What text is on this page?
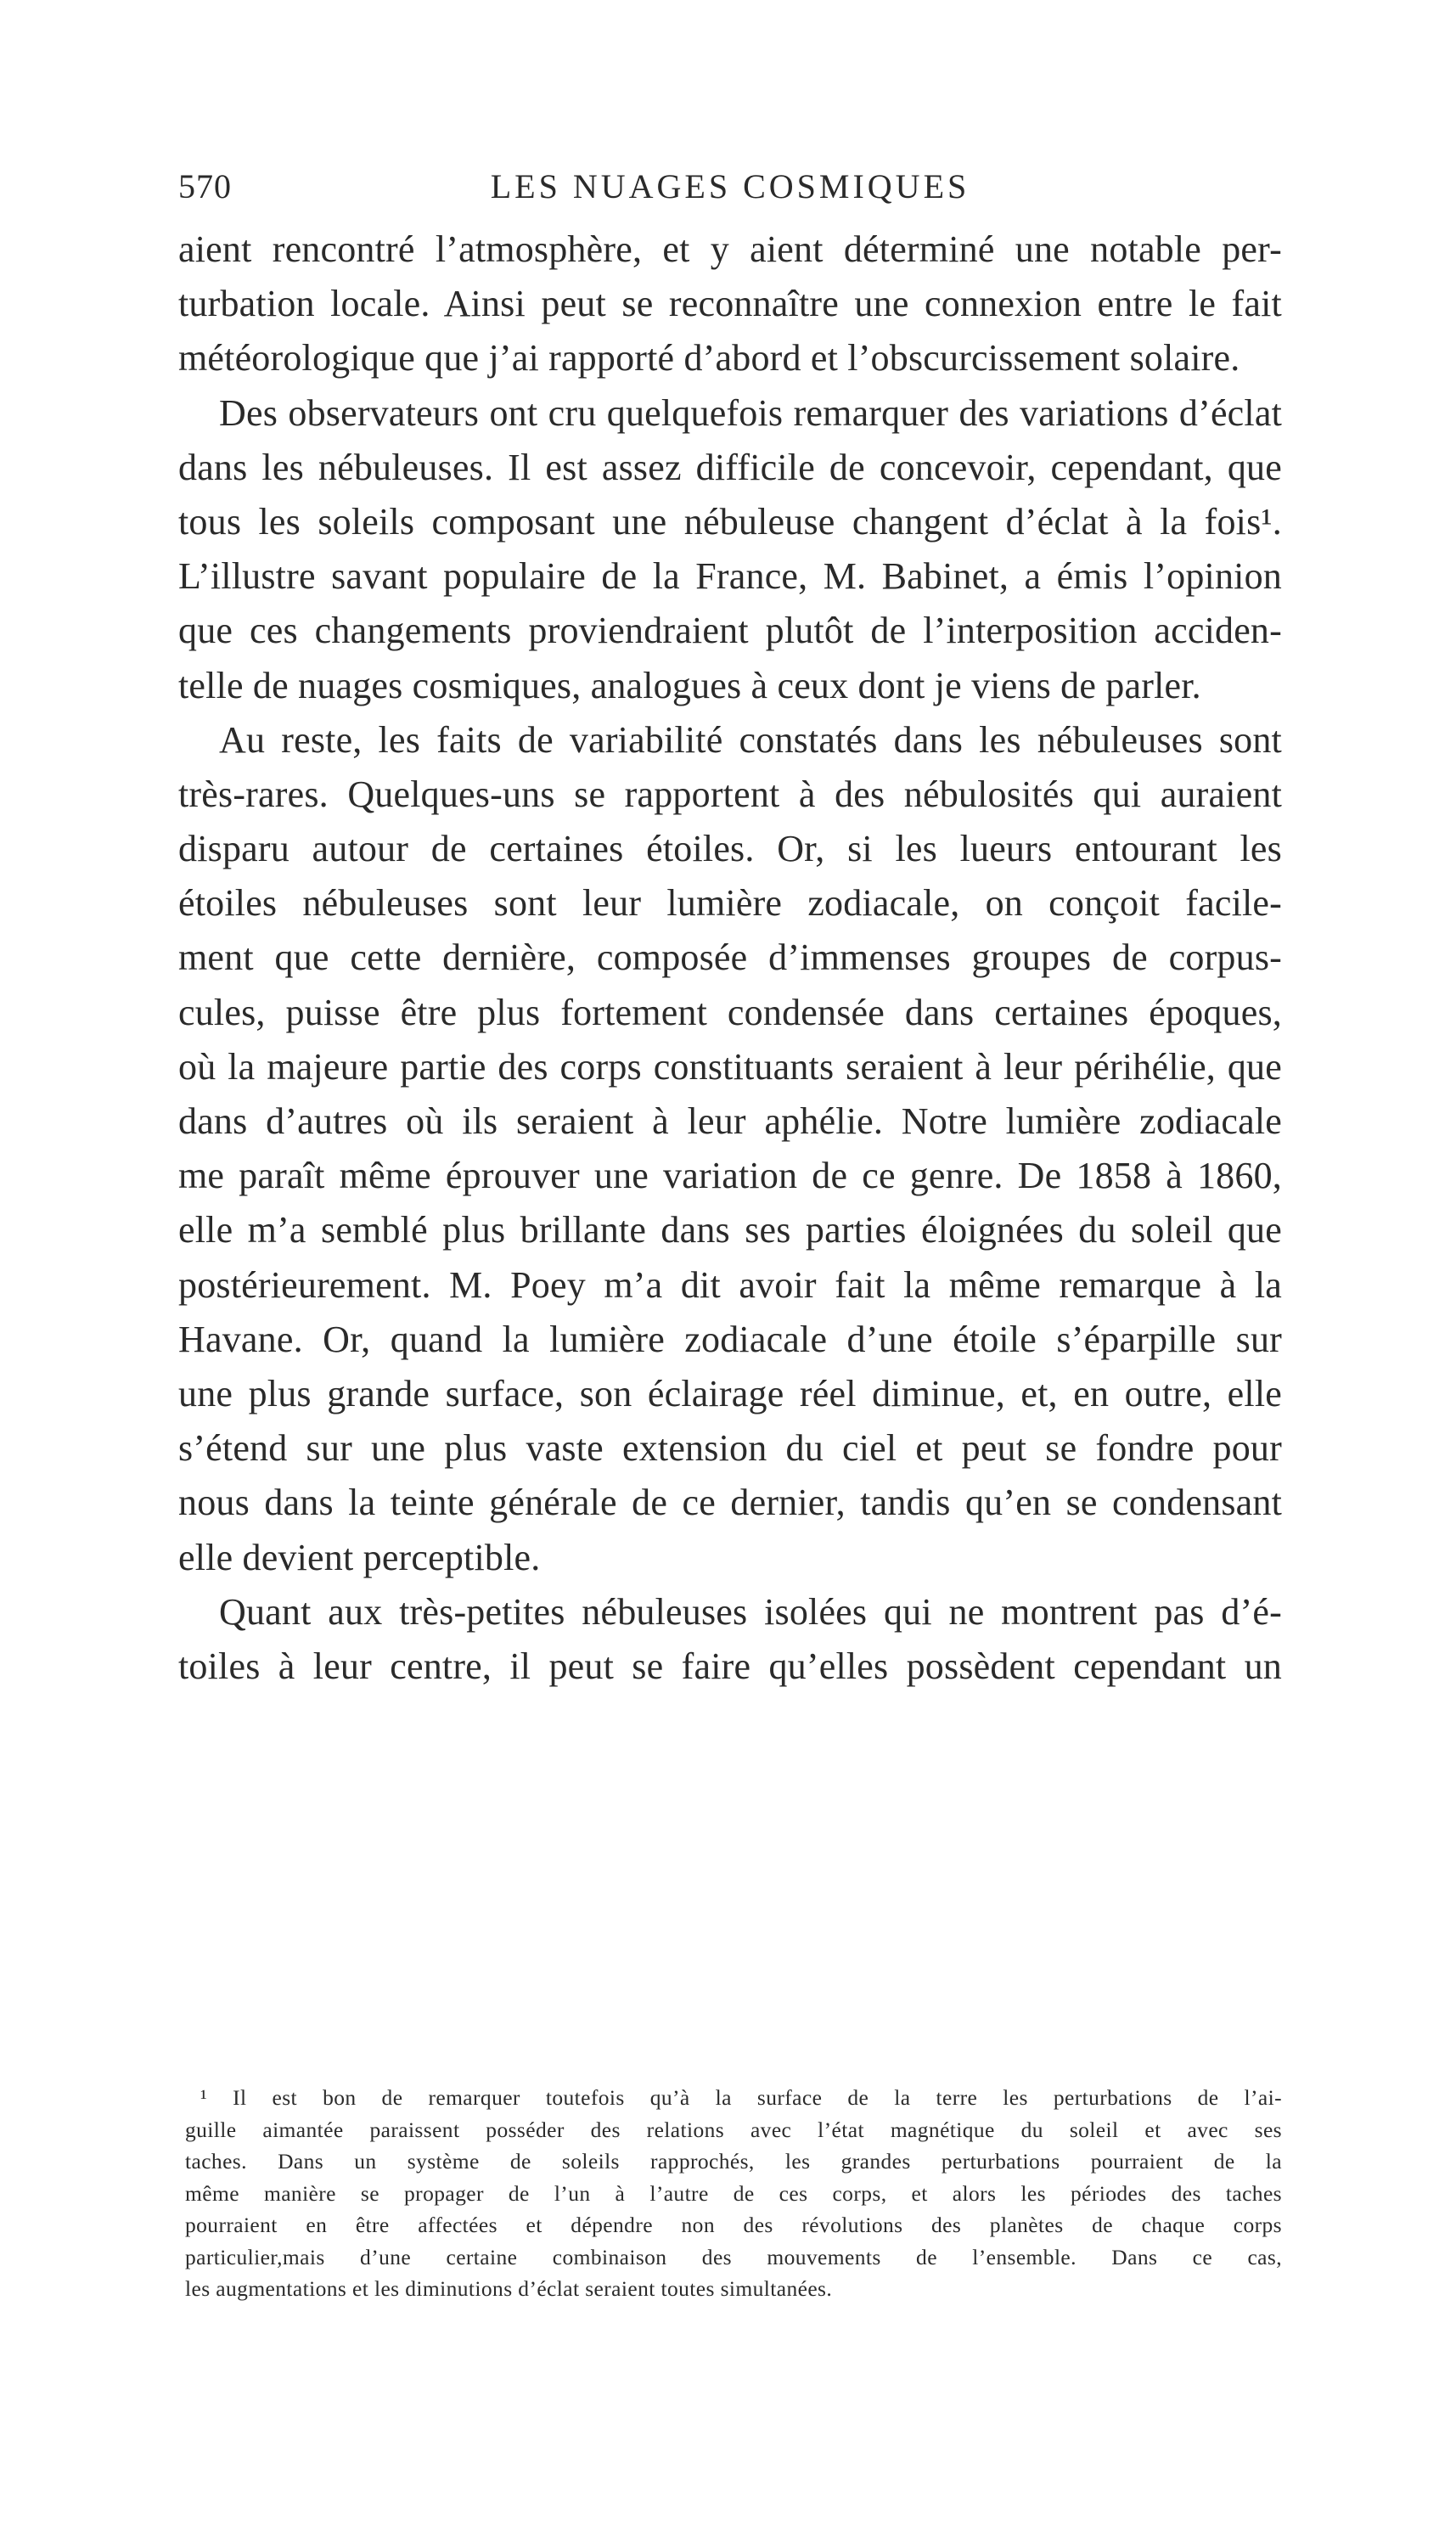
570	LES NUAGES COSMIQUES
aient rencontré l’atmosphère, et y aient déterminé une notable per-
turbation locale. Ainsi peut se reconnaître une connexion entre le fait
météorologique que j’ai rapporté d’abord et l’obscurcissement solaire.
Des observateurs ont cru quelquefois remarquer des variations d’éclat
dans les nébuleuses. Il est assez difficile de concevoir, cependant, que
tous les soleils composant une nébuleuse changent d’éclat à la fois¹.
L’illustre savant populaire de la France, M. Babinet, a émis l’opinion
que ces changements proviendraient plutôt de l’interposition acciden-
telle de nuages cosmiques, analogues à ceux dont je viens de parler.
Au reste, les faits de variabilité constatés dans les nébuleuses sont
très-rares. Quelques-uns se rapportent à des nébulosités qui auraient
disparu autour de certaines étoiles. Or, si les lueurs entourant les
étoiles nébuleuses sont leur lumière zodiacale, on conçoit facile-
ment que cette dernière, composée d’immenses groupes de corpus-
cules, puisse être plus fortement condensée dans certaines époques,
où la majeure partie des corps constituants seraient à leur périhélie, que
dans d’autres où ils seraient à leur aphélie. Notre lumière zodiacale
me paraît même éprouver une variation de ce genre. De 1858 à 1860,
elle m’a semblé plus brillante dans ses parties éloignées du soleil que
postérieurement. M. Poey m’a dit avoir fait la même remarque à la
Havane. Or, quand la lumière zodiacale d’une étoile s’éparpille sur
une plus grande surface, son éclairage réel diminue, et, en outre, elle
s’étend sur une plus vaste extension du ciel et peut se fondre pour
nous dans la teinte générale de ce dernier, tandis qu’en se condensant
elle devient perceptible.
Quant aux très-petites nébuleuses isolées qui ne montrent pas d’é-
toiles à leur centre, il peut se faire qu’elles possèdent cependant un
¹ Il est bon de remarquer toutefois qu’à la surface de la terre les perturbations de l’ai-
guille aimantée paraissent posséder des relations avec l’état magnétique du soleil et avec ses
taches. Dans un système de soleils rapprochés, les grandes perturbations pourraient de la
même manière se propager de l’un à l’autre de ces corps, et alors les périodes des taches
pourraient en être affectées et dépendre non des révolutions des planètes de chaque corps
particulier,mais d’une certaine combinaison des mouvements de l’ensemble. Dans ce cas,
les augmentations et les diminutions d’éclat seraient toutes simultanées.
